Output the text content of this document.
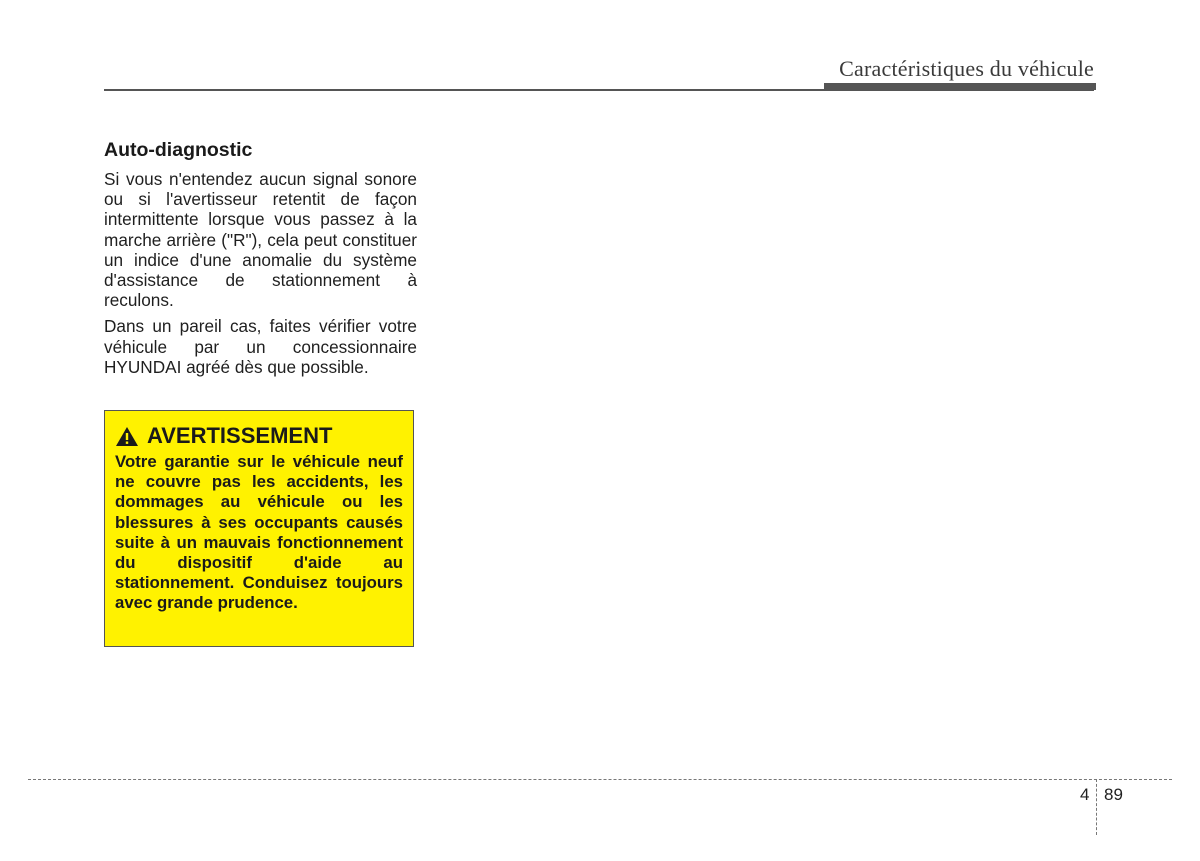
Caractéristiques du véhicule
Auto-diagnostic

Si vous n'entendez aucun signal sonore ou si l'avertisseur retentit de façon intermittente lorsque vous passez à la marche arrière ("R"), cela peut constituer un indice d'une anomalie du système d'assistance de stationnement à reculons.

Dans un pareil cas, faites vérifier votre véhicule par un concessionnaire HYUNDAI agréé dès que possible.

AVERTISSEMENT

Votre garantie sur le véhicule neuf ne couvre pas les accidents, les dommages au véhicule ou les blessures à ses occupants causés suite à un mauvais fonctionnement du dispositif d'aide au stationnement. Conduisez toujours avec grande prudence.

4 89
